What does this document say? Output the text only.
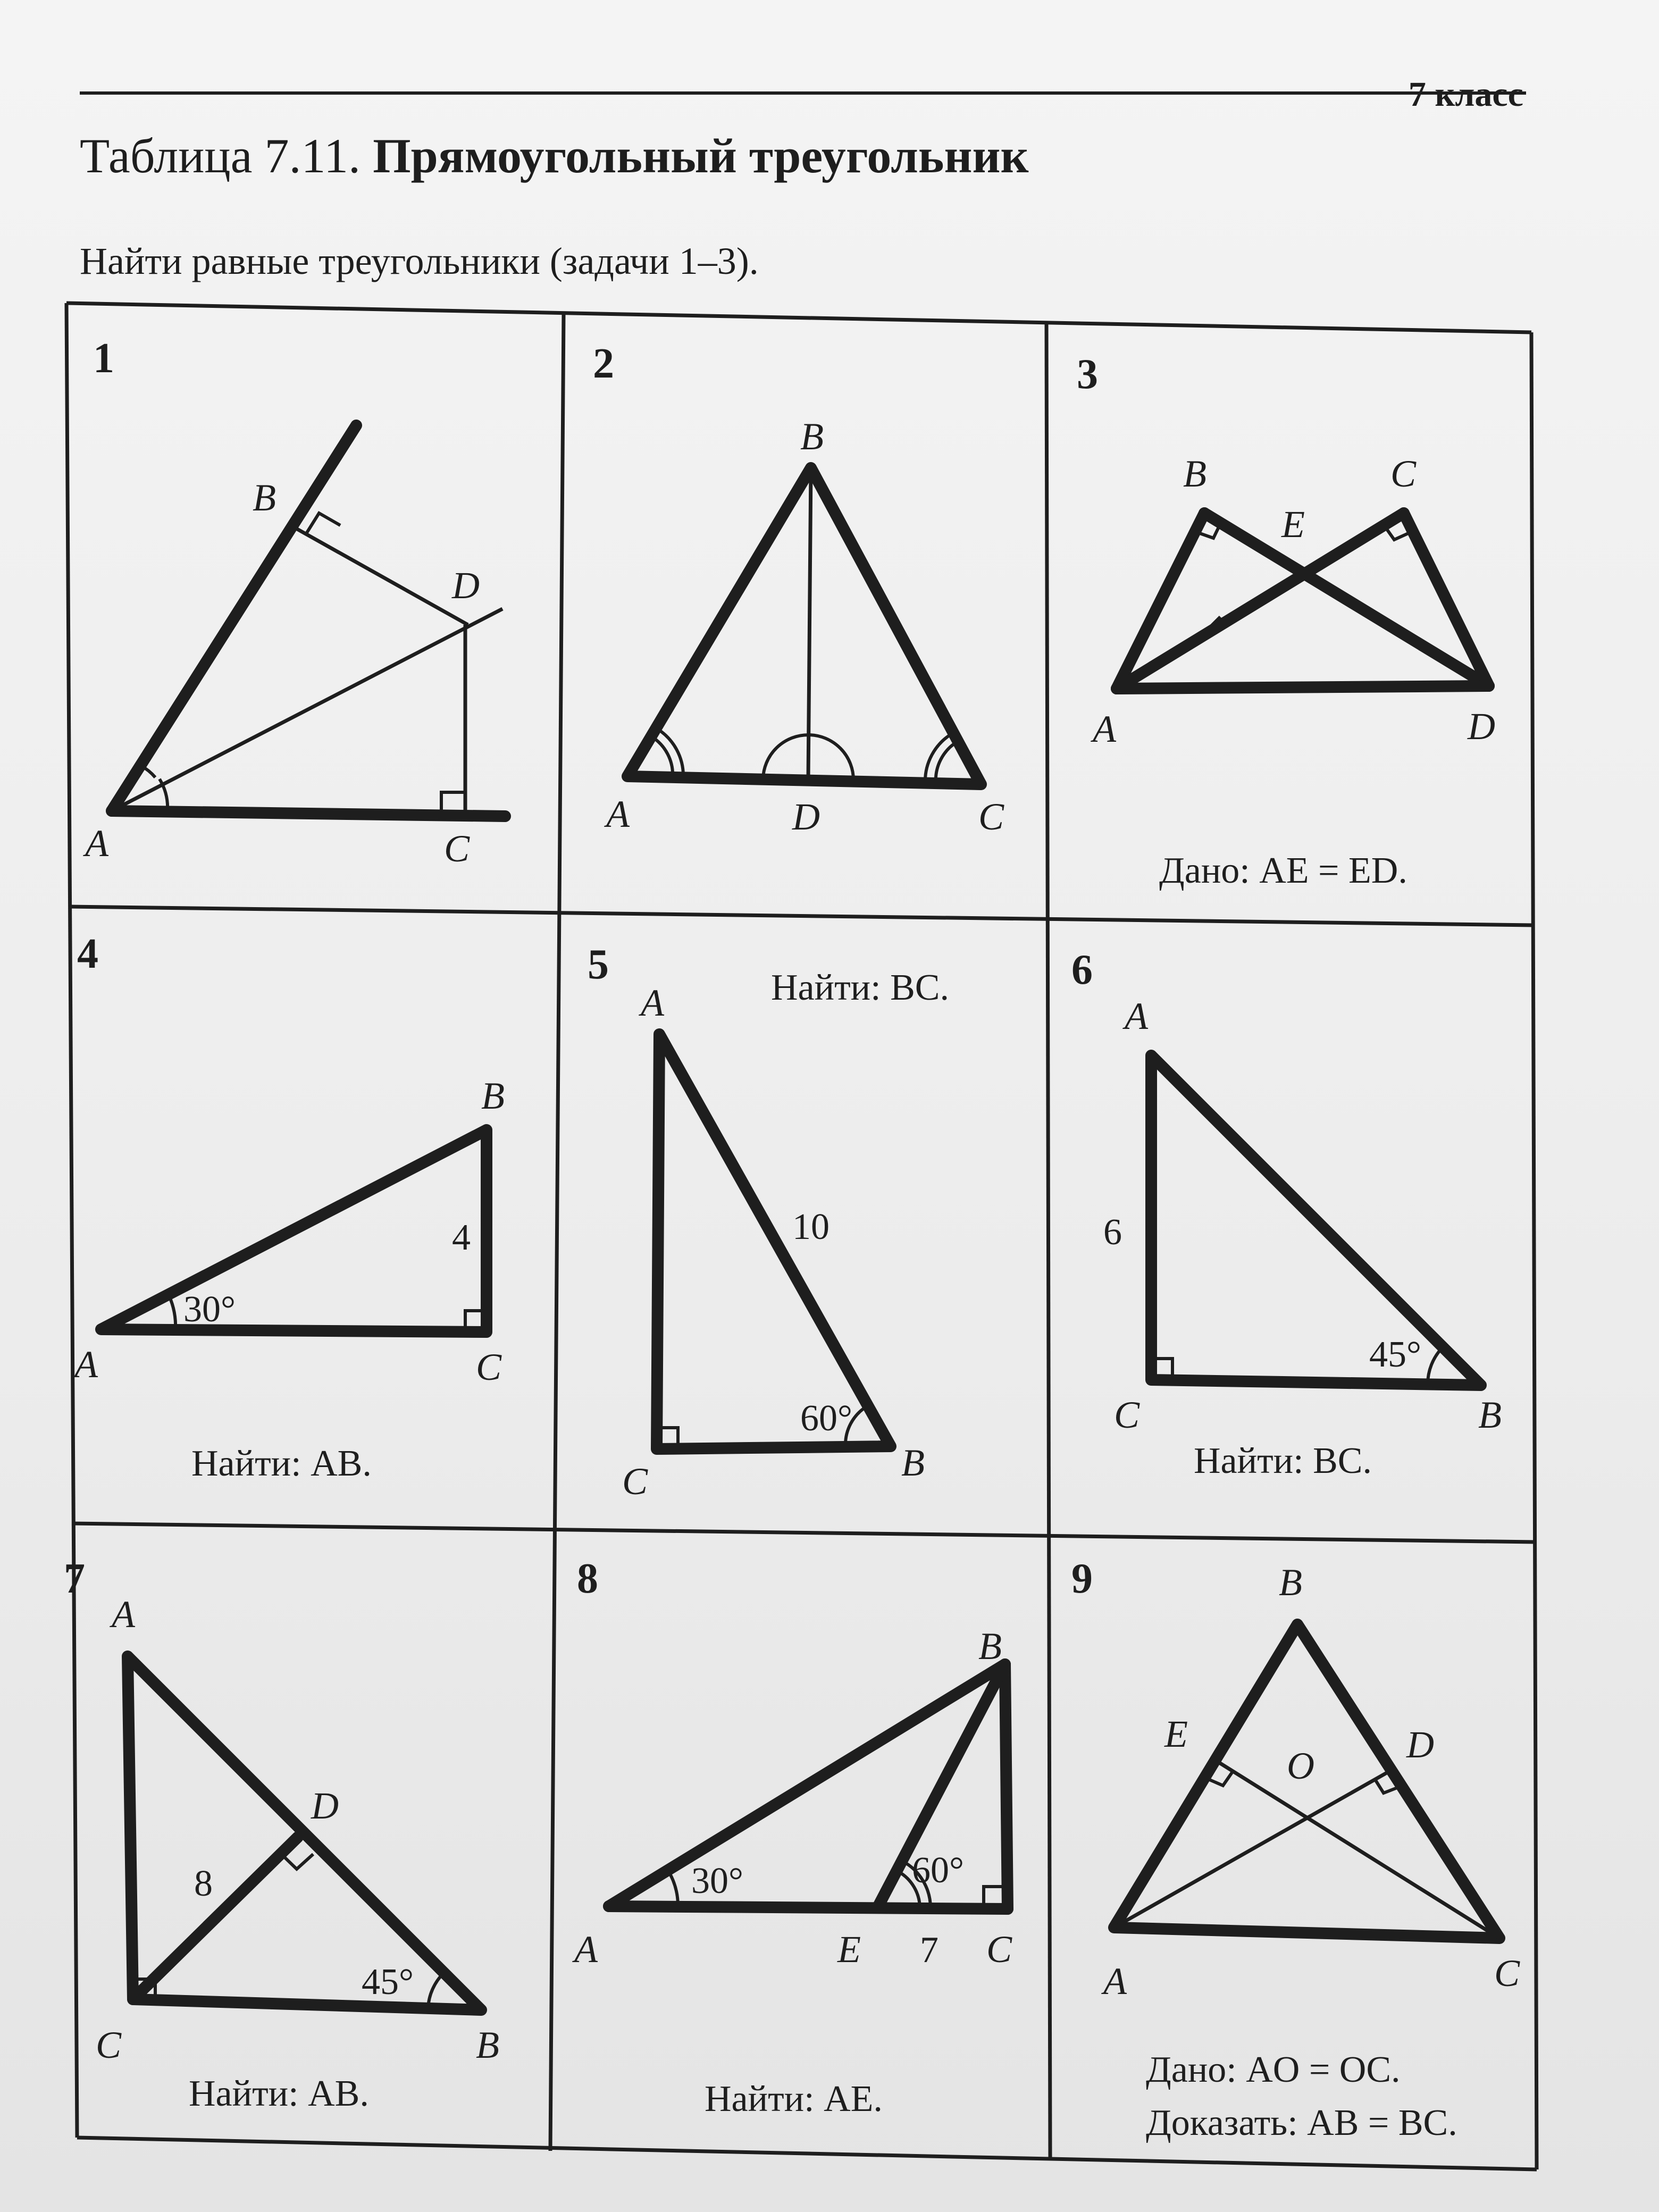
7 класс
Таблица 7.11. Прямоугольный треугольник
Найти равные треугольники (задачи 1–3).
1
A
B
C
D
2
A
B
C
D
3
A
B	C
D
E
Дано: AE = ED.
4
30°
4
A
B
C
Найти: AB.
5
60°
10
A
B
C
Найти: BC.	6
45°
6
A
B
C
Найти: BC.
7
45°
8
A
B
C
D
Найти: AB.
8
30°	60°
7
A
B
C
E
Найти: AE.
9
A
B
C
D
E
O
Дано: AO = OC.
Доказать: AB = BC.
